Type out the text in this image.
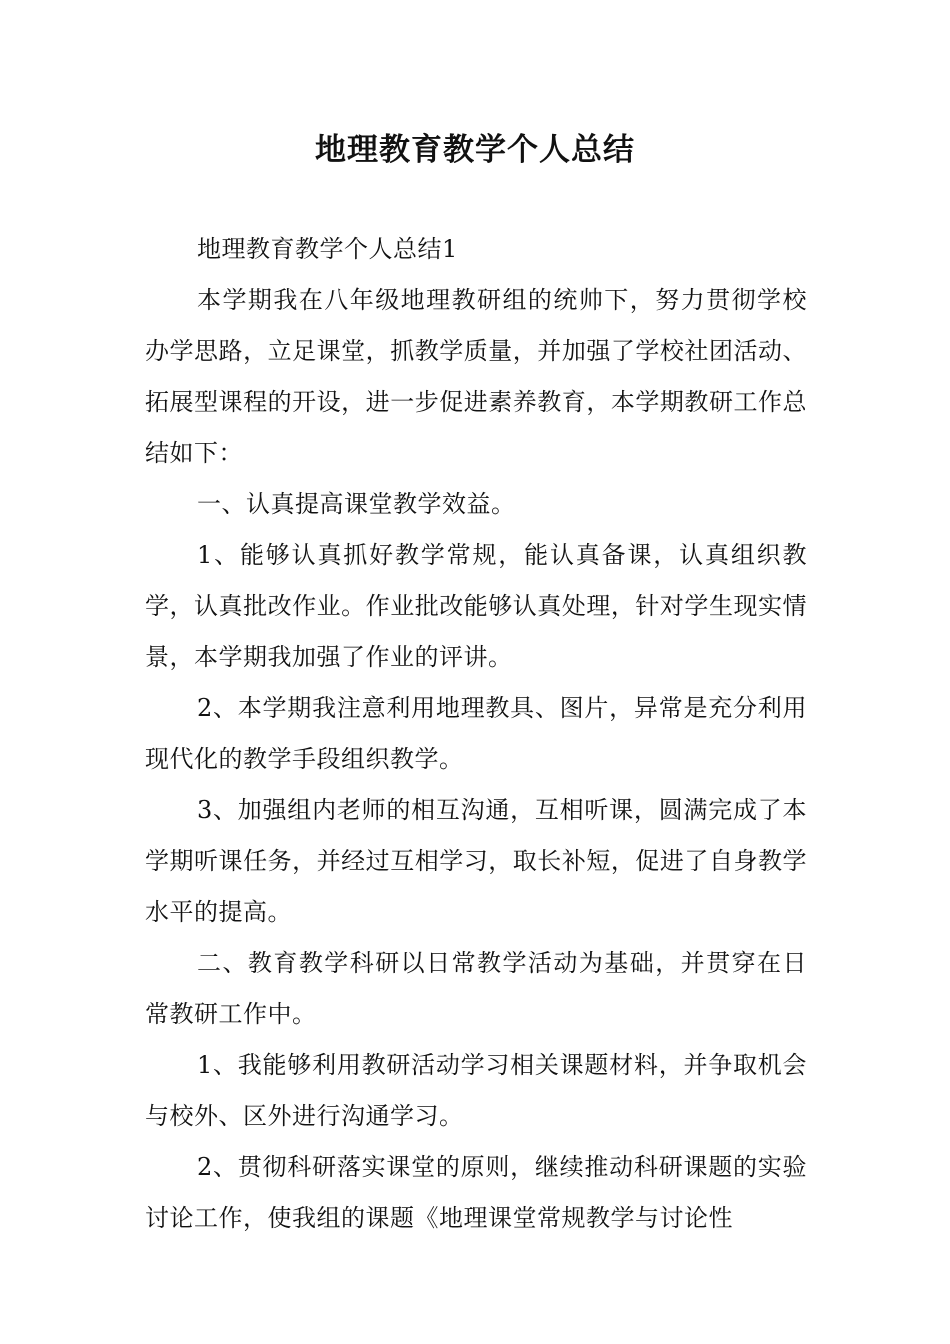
地理教育教学个人总结

地理教育教学个人总结1

本学期我在八年级地理教研组的统帅下，努力贯彻学校办学思路，立足课堂，抓教学质量，并加强了学校社团活动、拓展型课程的开设，进一步促进素养教育，本学期教研工作总结如下：

一、认真提高课堂教学效益。

1、能够认真抓好教学常规，能认真备课，认真组织教学，认真批改作业。作业批改能够认真处理，针对学生现实情景，本学期我加强了作业的评讲。

2、本学期我注意利用地理教具、图片，异常是充分利用现代化的教学手段组织教学。

3、加强组内老师的相互沟通，互相听课，圆满完成了本学期听课任务，并经过互相学习，取长补短，促进了自身教学水平的提高。

二、教育教学科研以日常教学活动为基础，并贯穿在日常教研工作中。

1、我能够利用教研活动学习相关课题材料，并争取机会与校外、区外进行沟通学习。

2、贯彻科研落实课堂的原则，继续推动科研课题的实验讨论工作，使我组的课题《地理课堂常规教学与讨论性
